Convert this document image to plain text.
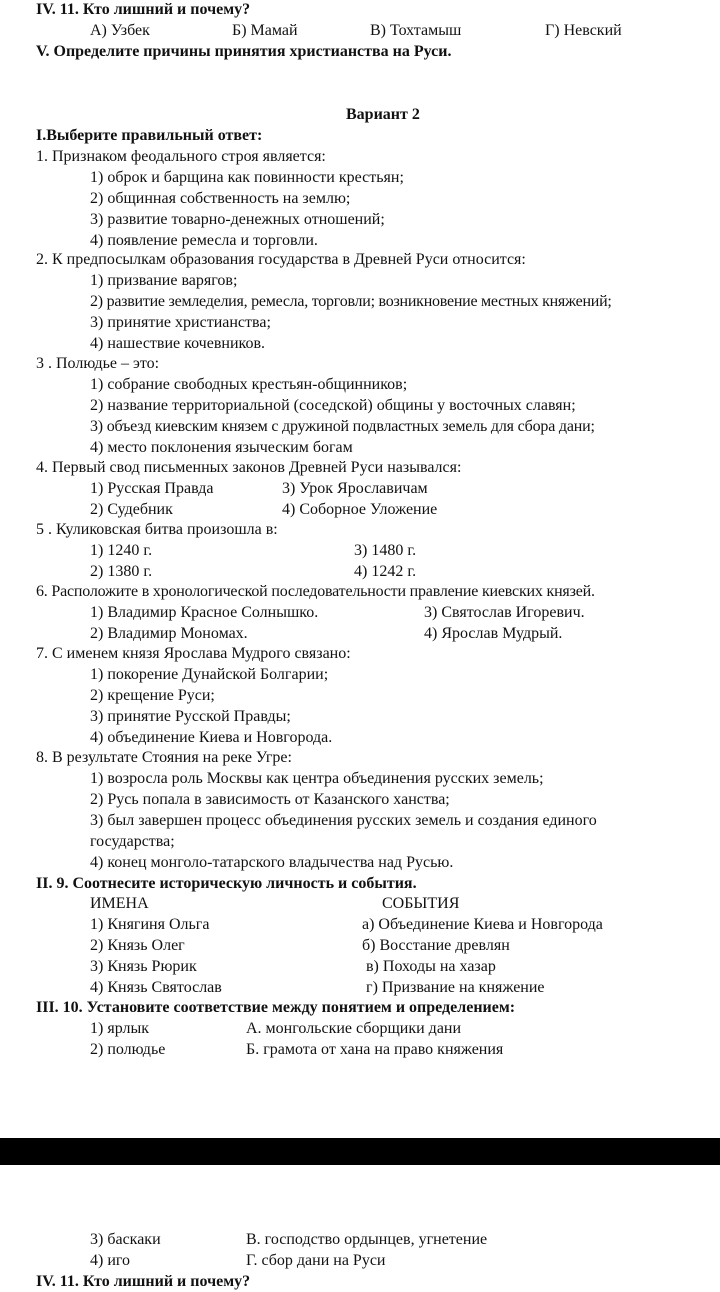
IV. 11. Кто лишний и почему?
А) Узбек	Б) Мамай	В) Тохтамыш	Г) Невский
V. Определите причины принятия христианства на Руси.
Вариант 2
I.Выберите правильный ответ:
1. Признаком феодального строя является:
1) оброк и барщина как повинности крестьян;
2) общинная собственность на землю;
3) развитие товарно-денежных отношений;
4) появление ремесла и торговли.
2. К предпосылкам образования государства в Древней Руси относится:
1) призвание варягов;
2) развитие земледелия, ремесла, торговли; возникновение местных княжений;
3) принятие христианства;
4) нашествие кочевников.
3 . Полюдье – это:
1) собрание свободных крестьян-общинников;
2) название территориальной (соседской) общины у восточных славян;
3) объезд киевским князем с дружиной подвластных земель для сбора дани;
4) место поклонения языческим богам
4. Первый свод письменных законов Древней Руси назывался:
1) Русская Правда	3) Урок Ярославичам
2) Судебник	4) Соборное Уложение
5 . Куликовская битва произошла в:
1) 1240 г.	3) 1480 г.
2) 1380 г.	4) 1242 г.
6. Расположите в хронологической последовательности правление киевских князей.
1) Владимир Красное Солнышко.	3) Святослав Игоревич.
2) Владимир Мономах.	4) Ярослав Мудрый.
7. С именем князя Ярослава Мудрого связано:
1) покорение Дунайской Болгарии;
2) крещение Руси;
3) принятие Русской Правды;
4) объединение Киева и Новгорода.
8. В результате Стояния на реке Угре:
1) возросла роль Москвы как центра объединения русских земель;
2) Русь попала в зависимость от Казанского ханства;
3) был завершен процесс объединения русских земель и создания единого
государства;
4) конец монголо-татарского владычества над Русью.
II. 9. Соотнесите историческую личность и события.
ИМЕНА	СОБЫТИЯ
1) Княгиня Ольга	а) Объединение Киева и Новгорода
2) Князь Олег	б) Восстание древлян
3) Князь Рюрик	в) Походы на хазар
4) Князь Святослав	г) Призвание на княжение
III. 10. Установите соответствие между понятием и определением:
1) ярлык	А. монгольские сборщики дани
2) полюдье	Б. грамота от хана на право княжения
3) баскаки	В. господство ордынцев, угнетение
4) иго	Г. сбор дани на Руси
IV. 11. Кто лишний и почему?
